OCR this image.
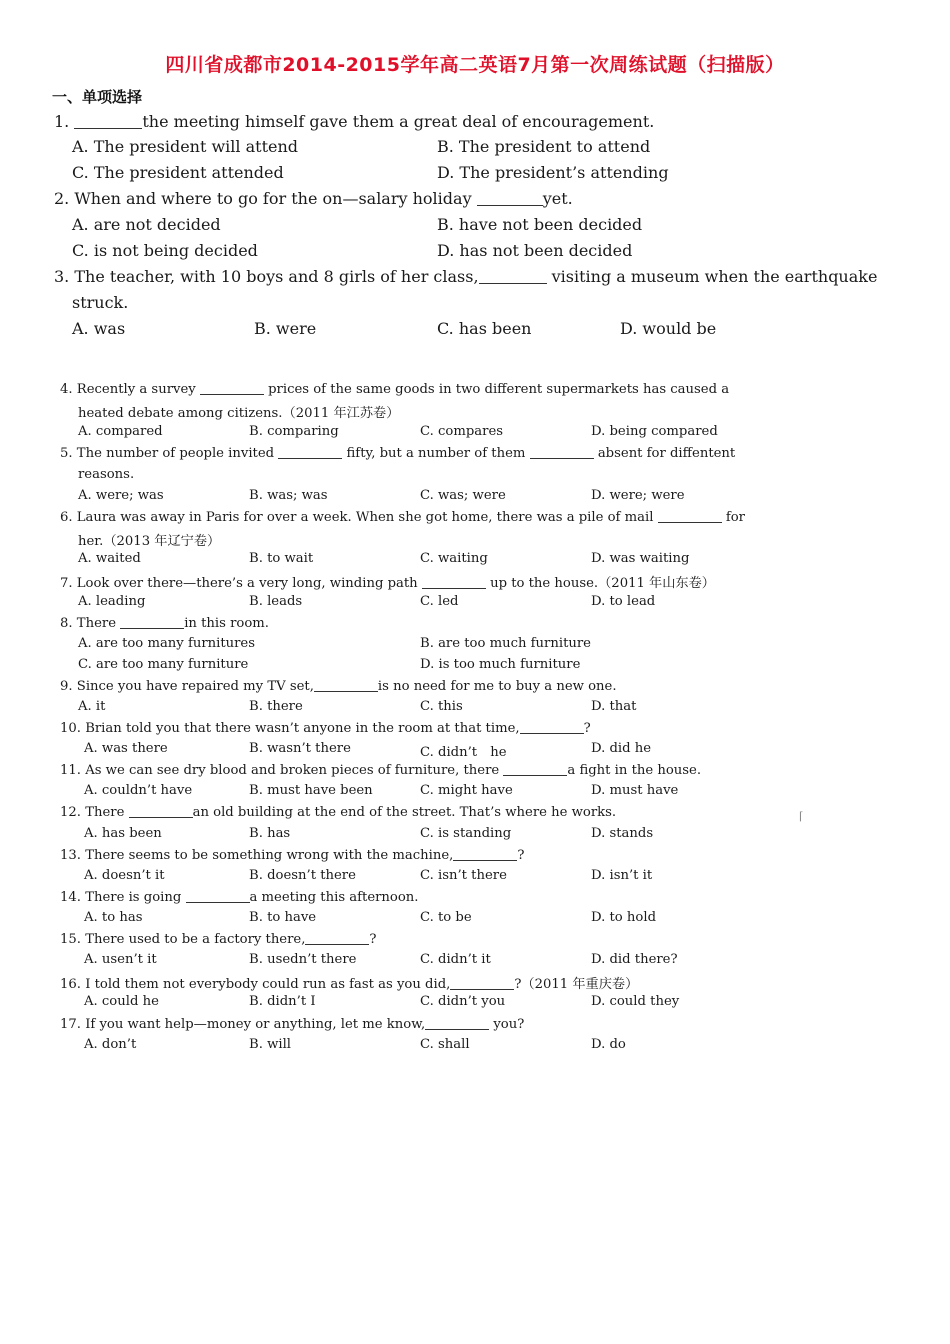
四川省成都市2014-2015学年高二英语7月第一次周练试题（扫描版）
一、单项选择
1.	the meeting himself gave them a great deal of encouragement.
A. The president will attend	B. The president to attend
C. The president attended	D. The president’s attending
2. When and where to go for the on—salary holiday	yet.
A. are not decided	B. have not been decided
C. is not being decided	D. has not been decided
3. The teacher, with 10 boys and 8 girls of her class,	visiting a museum when the earthquake
struck.
A. was	B. were	C. has been	D. would be
4. Recently a survey	prices of the same goods in two different supermarkets has caused a
heated debate among citizens.（2011 年江苏卷）
A. compared	B. comparing	C. compares	D. being compared
5. The number of people invited	fifty, but a number of them	absent for diffentent
reasons.
A. were; was	B. was; was	C. was; were	D. were; were
6. Laura was away in Paris for over a week. When she got home, there was a pile of mail	for
her.（2013 年辽宁卷）
A. waited	B. to wait	C. waiting	D. was waiting
7. Look over there—there’s a very long, winding path	up to the house.（2011 年山东卷）
A. leading	B. leads	C. led	D. to lead
8. There	in this room.
A. are too many furnitures	B. are too much furniture
C. are too many furniture	D. is too much furniture
9. Since you have repaired my TV set,	is no need for me to buy a new one.
A. it	B. there	C. this	D. that
10. Brian told you that there wasn’t anyone in the room at that time,	?
A. was there	B. wasn’t there	C. didn’t　he	D. did he
11. As we can see dry blood and broken pieces of furniture, there	a fight in the house.
A. couldn’t have	B. must have been	C. might have	D. must have
12. There	an old building at the end of the street. That’s where he works.
A. has been	B. has	C. is standing	D. stands
⌈
13. There seems to be something wrong with the machine,	?
A. doesn’t it	B. doesn’t there	C. isn’t there	D. isn’t it
14. There is going	a meeting this afternoon.
A. to has	B. to have	C. to be	D. to hold
15. There used to be a factory there,	?
A. usen’t it	B. usedn’t there	C. didn’t it	D. did there?
16. I told them not everybody could run as fast as you did,	?（2011 年重庆卷）
A. could he	B. didn’t I	C. didn’t you	D. could they
17. If you want help—money or anything, let me know,	you?
A. don’t	B. will	C. shall	D. do
